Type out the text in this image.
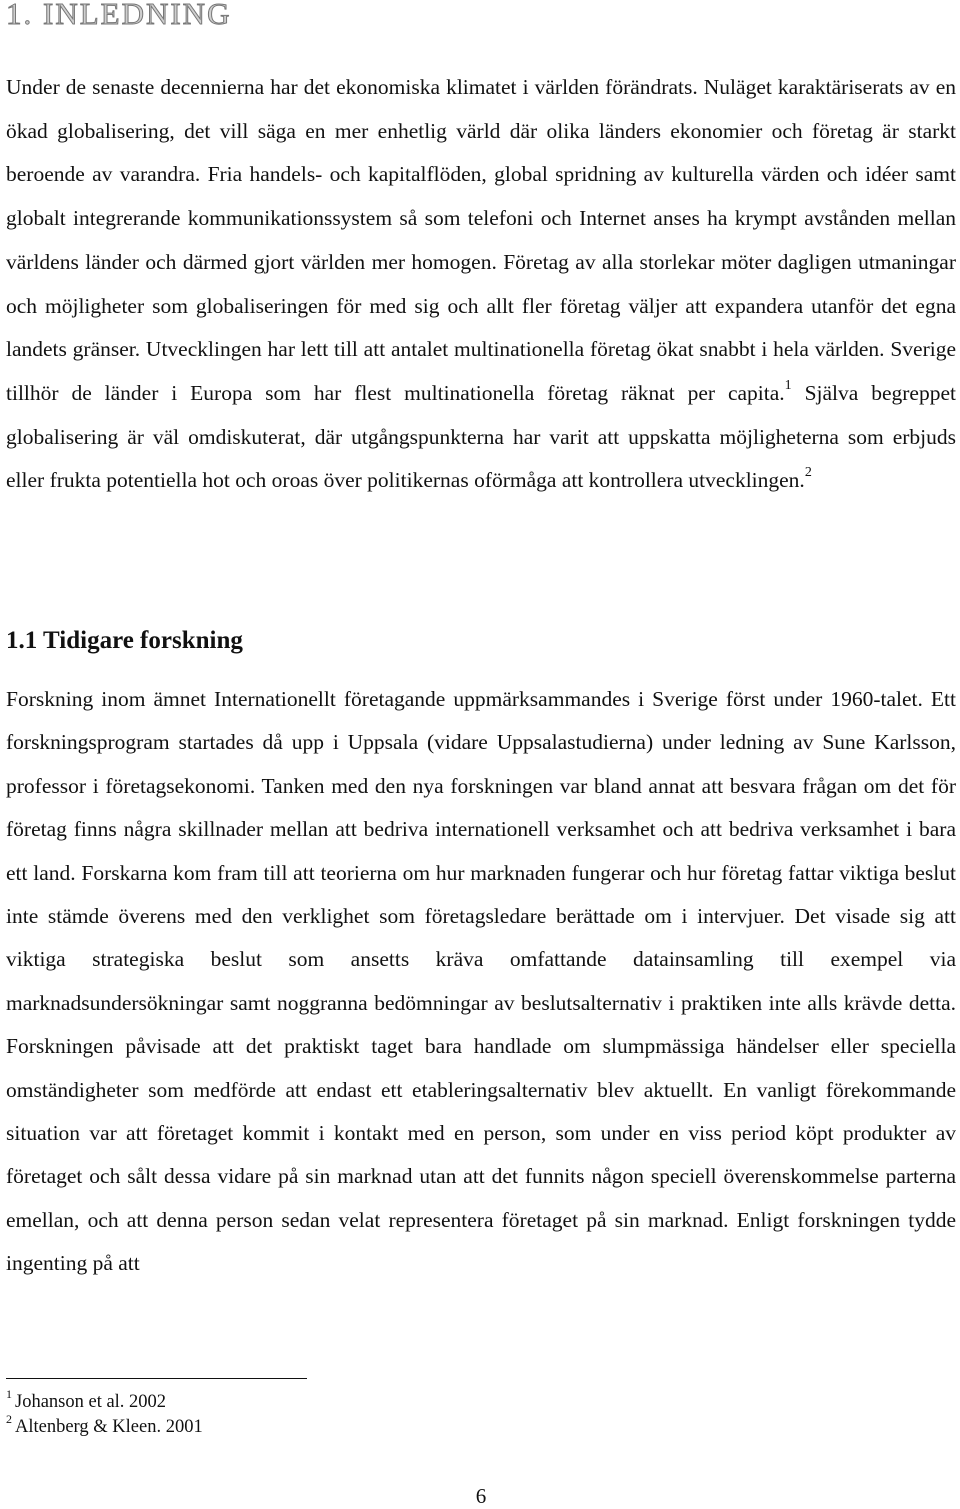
1. INLEDNING

Under de senaste decennierna har det ekonomiska klimatet i världen förändrats. Nuläget karaktäriserats av en ökad globalisering, det vill säga en mer enhetlig värld där olika länders ekonomier och företag är starkt beroende av varandra. Fria handels- och kapitalflöden, global spridning av kulturella värden och idéer samt globalt integrerande kommunikationssystem så som telefoni och Internet anses ha krympt avstånden mellan världens länder och därmed gjort världen mer homogen. Företag av alla storlekar möter dagligen utmaningar och möjligheter som globaliseringen för med sig och allt fler företag väljer att expandera utanför det egna landets gränser. Utvecklingen har lett till att antalet multinationella företag ökat snabbt i hela världen. Sverige tillhör de länder i Europa som har flest multinationella företag räknat per capita.$^1$ Själva begreppet globalisering är väl omdiskuterat, där utgångspunkterna har varit att uppskatta möjligheterna som erbjuds eller frukta potentiella hot och oroas över politikernas oförmåga att kontrollera utvecklingen.$^2$

1.1 Tidigare forskning

Forskning inom ämnet Internationellt företagande uppmärksammandes i Sverige först under 1960-talet. Ett forskningsprogram startades då upp i Uppsala (vidare Uppsalastudierna) under ledning av Sune Karlsson, professor i företagsekonomi. Tanken med den nya forskningen var bland annat att besvara frågan om det för företag finns några skillnader mellan att bedriva internationell verksamhet och att bedriva verksamhet i bara ett land. Forskarna kom fram till att teorierna om hur marknaden fungerar och hur företag fattar viktiga beslut inte stämde överens med den verklighet som företagsledare berättade om i intervjuer. Det visade sig att viktiga strategiska beslut som ansetts kräva omfattande datainsamling till exempel via marknadsundersökningar samt noggranna bedömningar av beslutsalternativ i praktiken inte alls krävde detta. Forskningen påvisade att det praktiskt taget bara handlade om slumpmässiga händelser eller speciella omständigheter som medförde att endast ett etableringsalternativ blev aktuellt. En vanligt förekommande situation var att företaget kommit i kontakt med en person, som under en viss period köpt produkter av företaget och sålt dessa vidare på sin marknad utan att det funnits någon speciell överenskommelse parterna emellan, och att denna person sedan velat representera företaget på sin marknad. Enligt forskningen tydde ingenting på att

$^1$ Johanson et al. 2002
$^2$ Altenberg & Kleen. 2001
6
